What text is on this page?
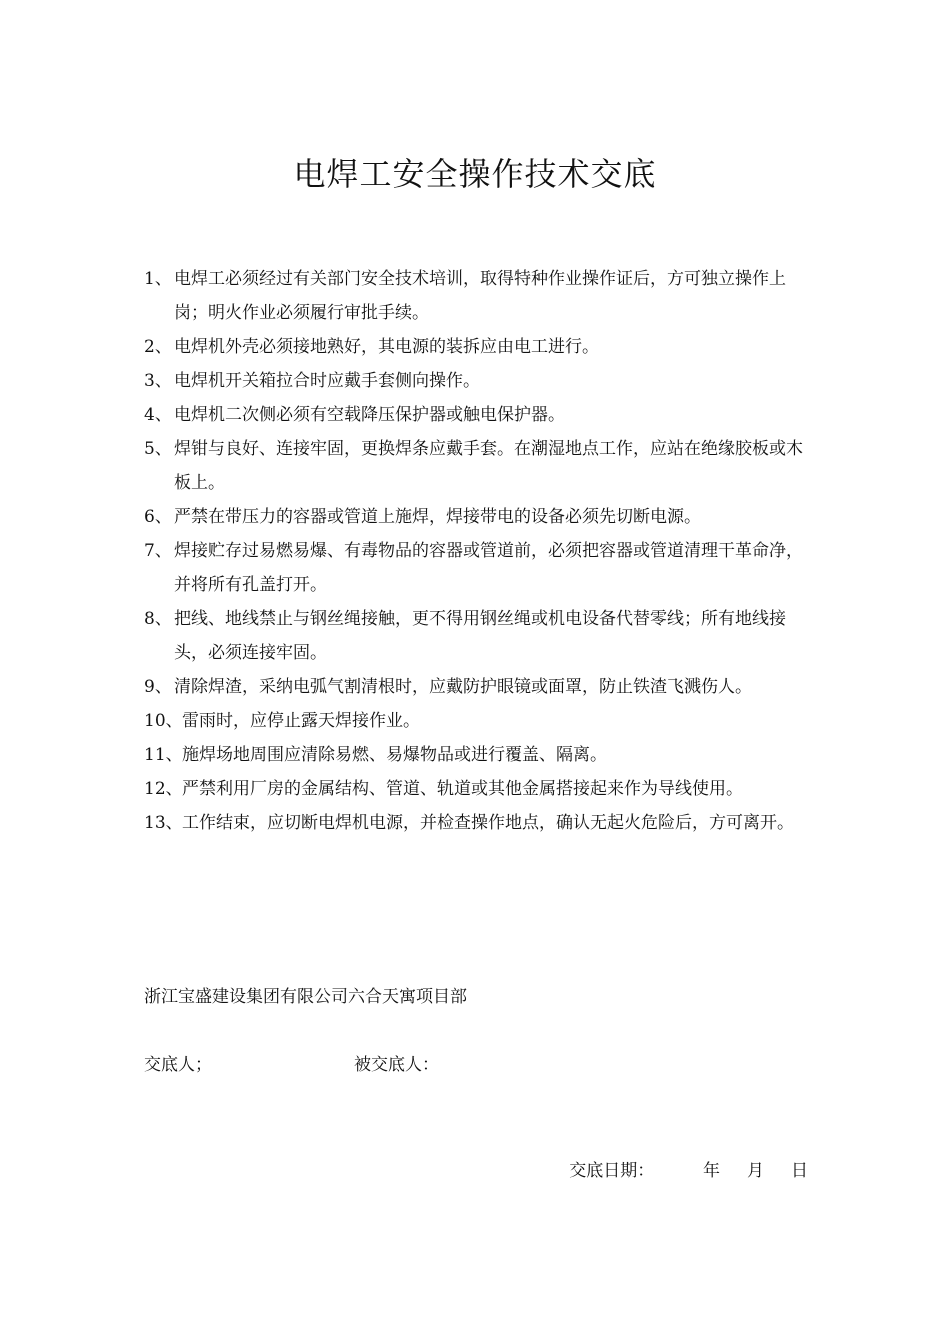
电焊工安全操作技术交底
1、 电焊工必须经过有关部门安全技术培训，取得特种作业操作证后，方可独立操作上岗；明火作业必须履行审批手续。
2、 电焊机外壳必须接地熟好，其电源的装拆应由电工进行。
3、 电焊机开关箱拉合时应戴手套侧向操作。
4、 电焊机二次侧必须有空载降压保护器或触电保护器。
5、 焊钳与良好、连接牢固，更换焊条应戴手套。在潮湿地点工作，应站在绝缘胶板或木板上。
6、 严禁在带压力的容器或管道上施焊，焊接带电的设备必须先切断电源。
7、 焊接贮存过易燃易爆、有毒物品的容器或管道前，必须把容器或管道清理干革命净，并将所有孔盖打开。
8、 把线、地线禁止与钢丝绳接触，更不得用钢丝绳或机电设备代替零线；所有地线接头，必须连接牢固。
9、 清除焊渣，采纳电弧气割清根时，应戴防护眼镜或面罩，防止铁渣飞溅伤人。
10、雷雨时，应停止露天焊接作业。
11、施焊场地周围应清除易燃、易爆物品或进行覆盖、隔离。
12、严禁利用厂房的金属结构、管道、轨道或其他金属搭接起来作为导线使用。
13、工作结束，应切断电焊机电源，并检查操作地点，确认无起火危险后，方可离开。
浙江宝盛建设集团有限公司六合天寓项目部
交底人；	被交底人：
交底日期：	年 月 日
